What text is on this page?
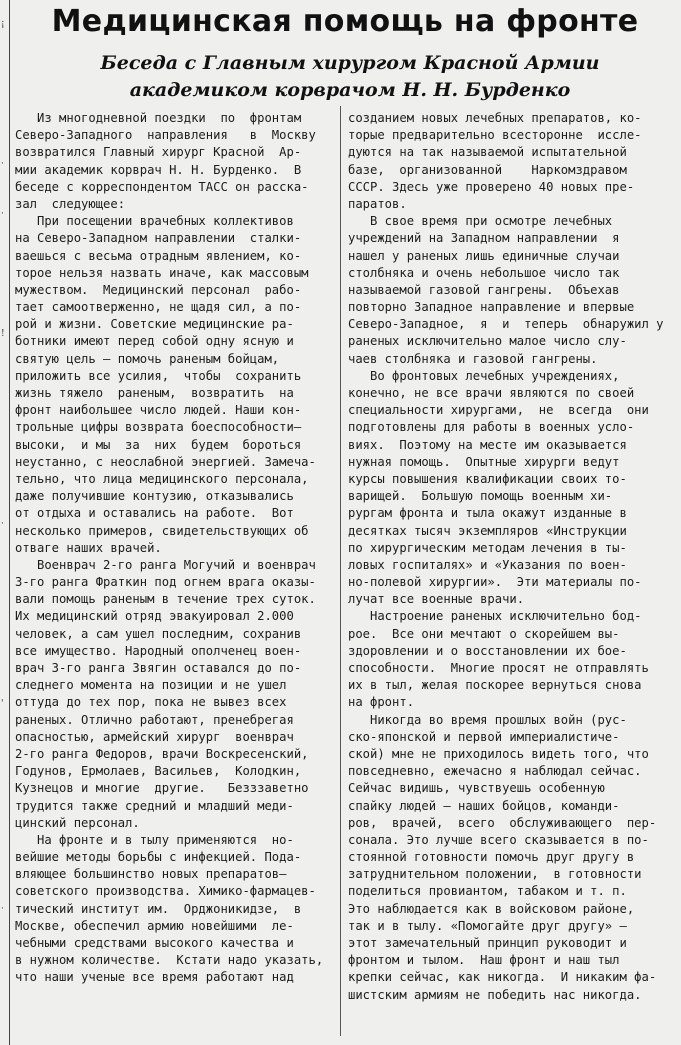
¡
·
·
!
·
'
·
Медицинская помощь на фронте
Беседа с Главным хирургом Красной Армии
академиком корврачом Н. Н. Бурденко
Из многодневной поездки  по  фронтам
Северо-Западного  направления   в  Москву
возвратился Главный хирург Красной  Ар-
мии академик корврач Н. Н. Бурденко.  В
беседе с корреспондентом ТАСС он расска-
зал  следующее:
При посещении врачебных коллективов
на Северо-Западном направлении  сталки-
ваешься с весьма отрадным явлением, ко-
торое нельзя назвать иначе, как массовым
мужеством.  Медицинский персонал  рабо-
тает самоотверженно, не щадя сил, а по-
рой и жизни. Советские медицинские ра-
ботники имеют перед собой одну ясную и
святую цель — помочь раненым бойцам,
приложить все усилия,  чтобы  сохранить
жизнь тяжело  раненым,  возвратить  на
фронт наибольшее число людей. Наши кон-
трольные цифры возврата боеспособности—
высоки,  и мы  за  них  будем  бороться
неустанно, с неослабной энергией. Замеча-
тельно, что лица медицинского персонала,
даже получившие контузию, отказывались
от отдыха и оставались на работе.  Вот
несколько примеров, свидетельствующих об
отваге наших врачей.
Военврач 2-го ранга Могучий и военврач
3-го ранга Фраткин под огнем врага оказы-
вали помощь раненым в течение трех суток.
Их медицинский отряд эвакуировал 2.000
человек, а сам ушел последним, сохранив
все имущество. Народный ополченец воен-
врач 3-го ранга Звягин оставался до по-
следнего момента на позиции и не ушел
оттуда до тех пор, пока не вывез всех
раненых. Отлично работают, пренебрегая
опасностью, армейский хирург  военврач
2-го ранга Федоров, врачи Воскресенский,
Годунов, Ермолаев, Васильев,  Колодкин,
Кузнецов и многие  другие.   Безззаветно
трудится также средний и младший меди-
цинский персонал.
На фронте и в тылу применяются  но-
вейшие методы борьбы с инфекцией. Пода-
вляющее большинство новых препаратов—
советского производства. Химико-фармацев-
тический институт им.  Орджоникидзе,  в
Москве, обеспечил армию новейшими  ле-
чебными средствами высокого качества и
в нужном количестве.  Кстати надо указать,
что наши ученые все время работают над
созданием новых лечебных препаратов, ко-
торые предварительно всесторонне  иссле-
дуются на так называемой испытательной
базе,  организованной    Наркомздравом
СССР. Здесь уже проверено 40 новых пре-
паратов.
В свое время при осмотре лечебных
учреждений на Западном направлении  я
нашел у раненых лишь единичные случаи
столбняка и очень небольшое число так
называемой газовой гангрены.  Объехав
повторно Западное направление и впервые
Северо-Западное,  я  и  теперь  обнаружил у
раненых исключительно малое число слу-
чаев столбняка и газовой гангрены.
Во фронтовых лечебных учреждениях,
конечно, не все врачи являются по своей
специальности хирургами,  не  всегда  они
подготовлены для работы в военных усло-
виях.  Поэтому на месте им оказывается
нужная помощь.  Опытные хирурги ведут
курсы повышения квалификации своих то-
варищей.  Большую помощь военным хи-
рургам фронта и тыла окажут изданные в
десятках тысяч экземпляров «Инструкции
по хирургическим методам лечения в ты-
ловых госпиталях» и «Указания по воен-
но-полевой хирургии».  Эти материалы по-
лучат все военные врачи.
Настроение раненых исключительно бод-
рое.  Все они мечтают о скорейшем вы-
здоровлении и о восстановлении их бое-
способности.  Многие просят не отправлять
их в тыл, желая поскорее вернуться снова
на фронт.
Никогда во время прошлых войн (рус-
ско-японской и первой империалистиче-
ской) мне не приходилось видеть того, что
повседневно, ежечасно я наблюдал сейчас.
Сейчас видишь, чувствуешь особенную
спайку людей — наших бойцов, команди-
ров,  врачей,  всего  обслуживающего  пер-
сонала. Это лучше всего сказывается в по-
стоянной готовности помочь друг другу в
затруднительном положении,  в готовности
поделиться провиантом, табаком и т. п.
Это наблюдается как в войсковом районе,
так и в тылу. «Помогайте друг другу» —
этот замечательный принцип руководит и
фронтом и тылом.  Наш фронт и наш тыл
крепки сейчас, как никогда.  И никаким фа-
шистским армиям не победить нас никогда.
